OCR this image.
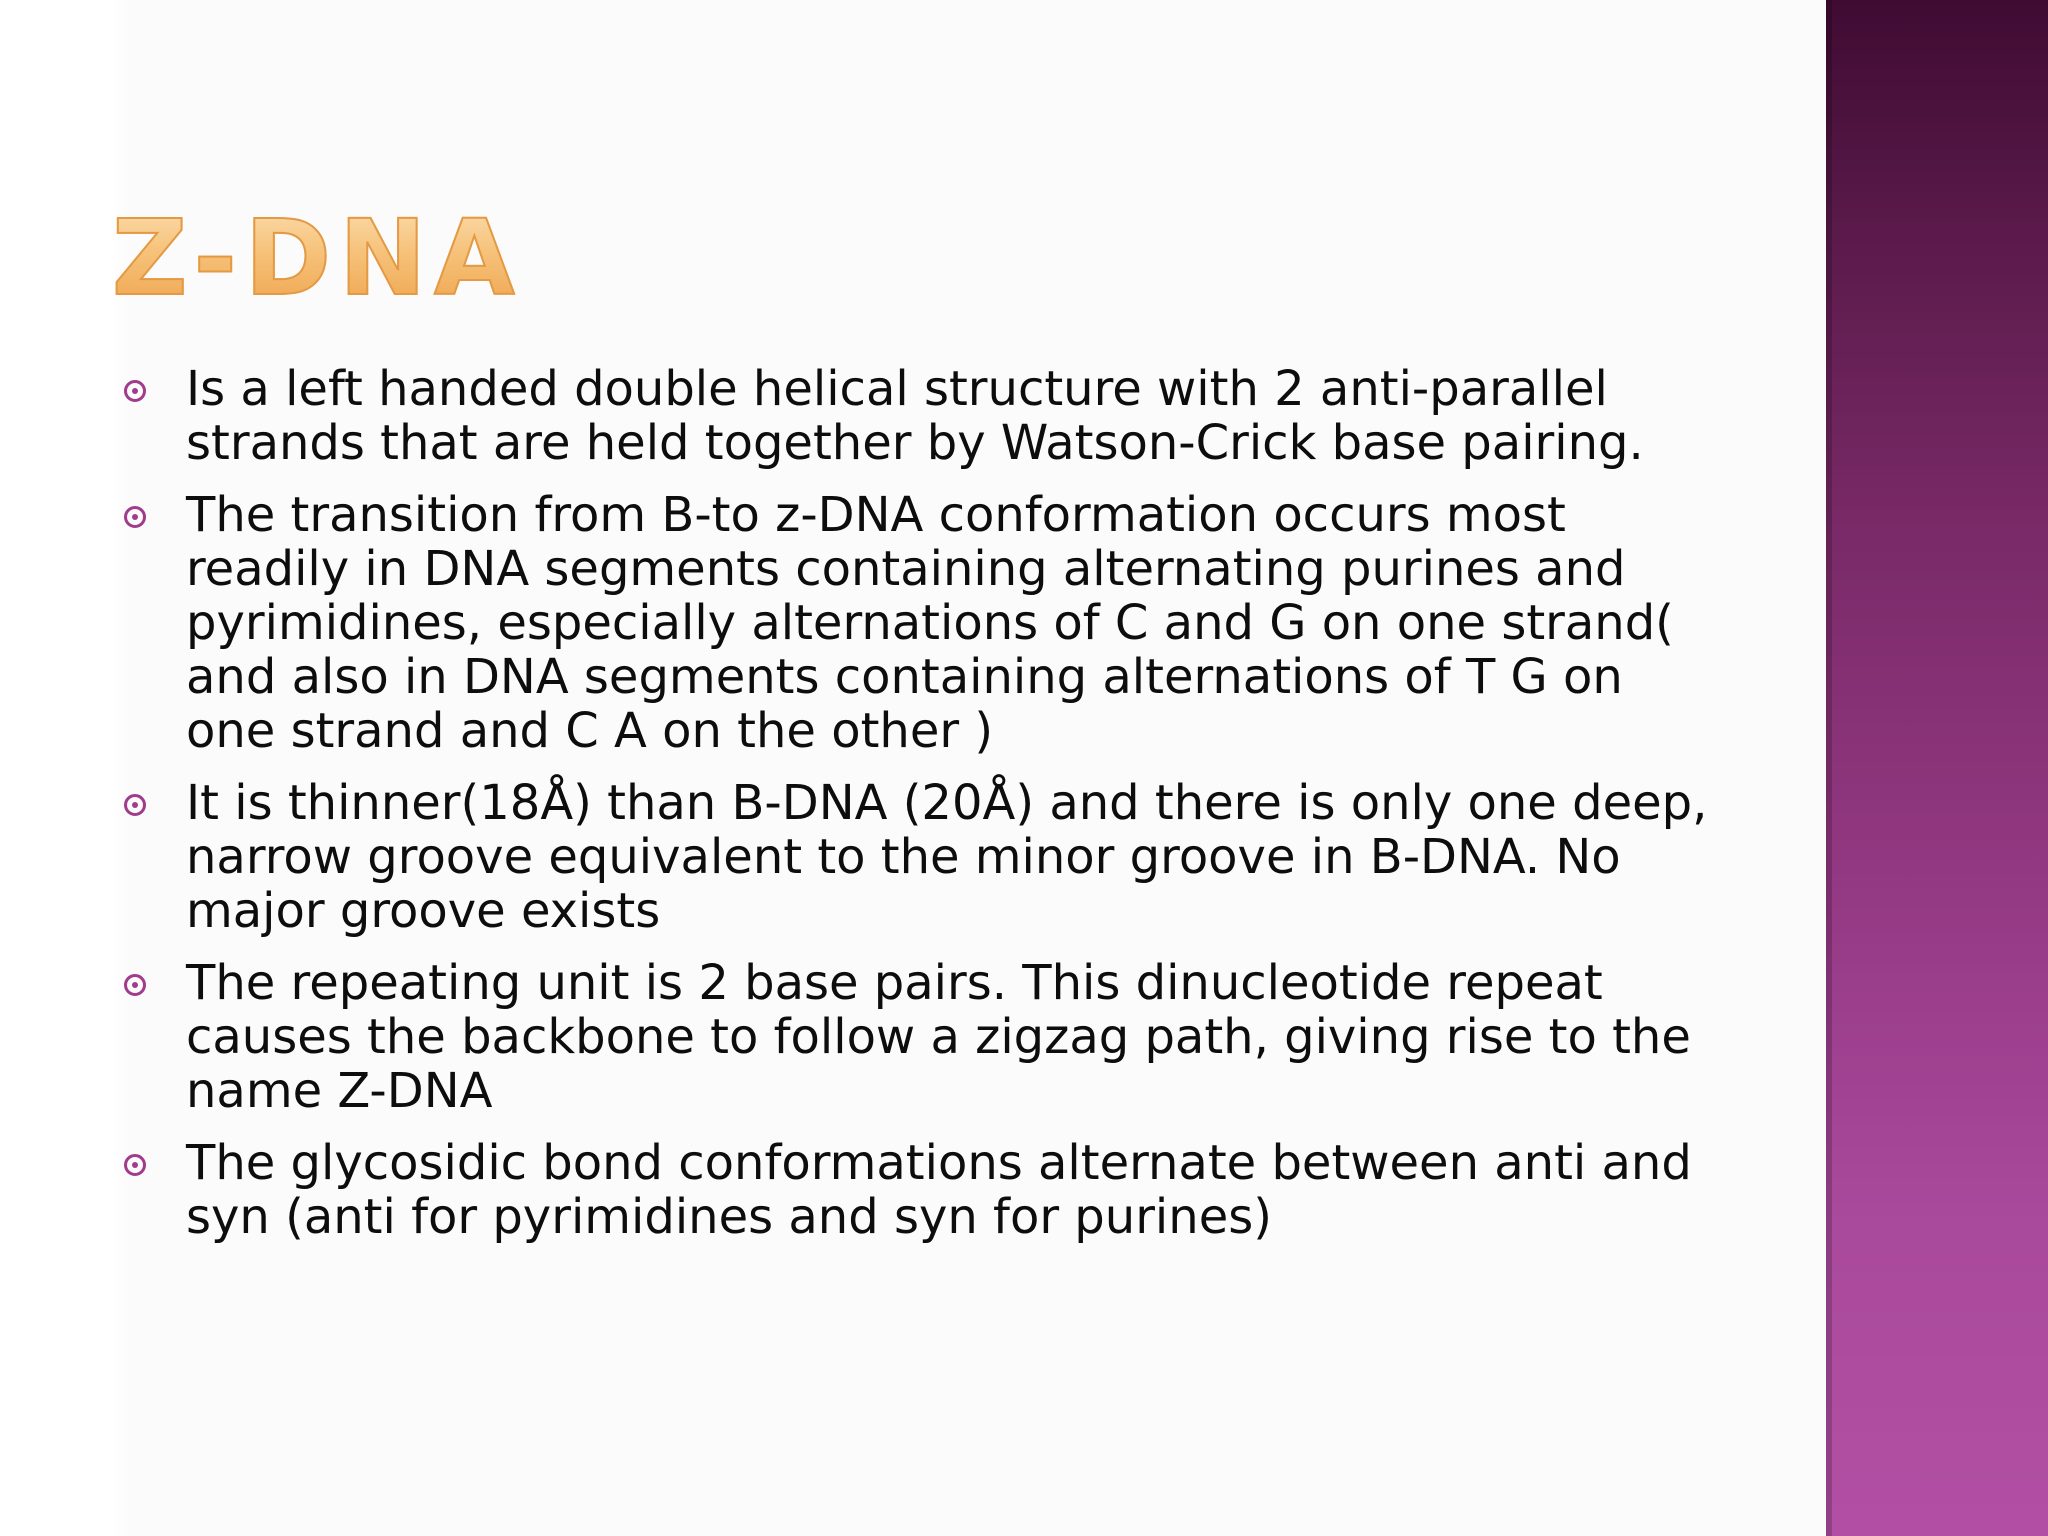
Z-DNA
Is a left handed double helical structure with 2 anti-parallel strands that are held together by Watson-Crick base pairing.
The transition from B-to z-DNA conformation occurs most readily in DNA segments containing alternating purines and pyrimidines, especially alternations of C and G on one strand( and also in DNA segments containing alternations of T G on one strand and C A on the other )
It is thinner(18Å) than B-DNA (20Å) and there is only one deep, narrow groove equivalent to the minor groove in B-DNA. No major groove exists
The repeating unit is 2 base pairs. This dinucleotide repeat causes the backbone to follow a zigzag path, giving rise to the name Z-DNA
The glycosidic bond conformations alternate between anti and syn (anti for pyrimidines and syn for purines)
